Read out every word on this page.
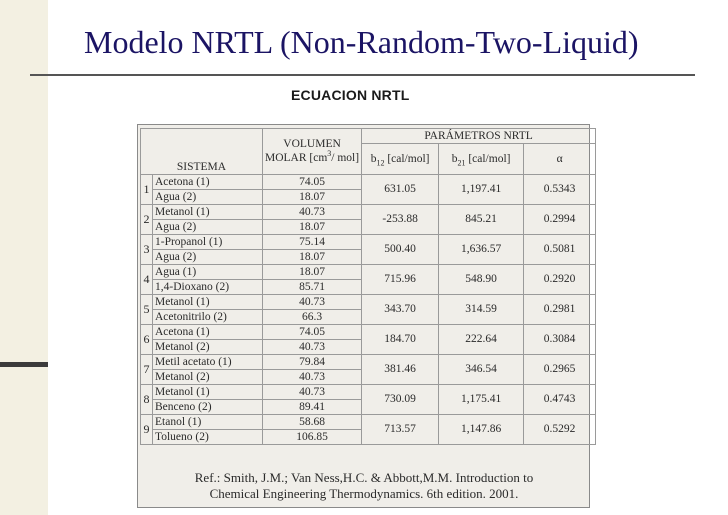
Modelo NRTL (Non-Random-Two-Liquid)
ECUACION NRTL
SISTEMA		VOLUMEN
MOLAR [$cm^3/$ mol]	PARÁMETROS NRTL		
			$b_{12}$ [cal/mol]	$b_{21}$ [cal/mol]	α
1	Acetona (1)	74.05	631.05	1,197.41	0.5343
	Agua (2)	18.07			
2	Metanol (1)	40.73	-253.88	845.21	0.2994
	Agua (2)	18.07			
3	1-Propanol (1)	75.14	500.40	1,636.57	0.5081
	Agua (2)	18.07			
4	Agua (1)	18.07	715.96	548.90	0.2920
	1,4-Dioxano (2)	85.71			
5	Metanol (1)	40.73	343.70	314.59	0.2981
	Acetonitrilo (2)	66.3			
6	Acetona (1)	74.05	184.70	222.64	0.3084
	Metanol (2)	40.73			
7	Metil acetato (1)	79.84	381.46	346.54	0.2965
	Metanol (2)	40.73			
8	Metanol (1)	40.73	730.09	1,175.41	0.4743
	Benceno (2)	89.41			
9	Etanol (1)	58.68	713.57	1,147.86	0.5292
	Tolueno (2)	106.85			
Ref.: Smith, J.M.; Van Ness,H.C. & Abbott,M.M. Introduction to
Chemical Engineering Thermodynamics. 6th edition. 2001.
